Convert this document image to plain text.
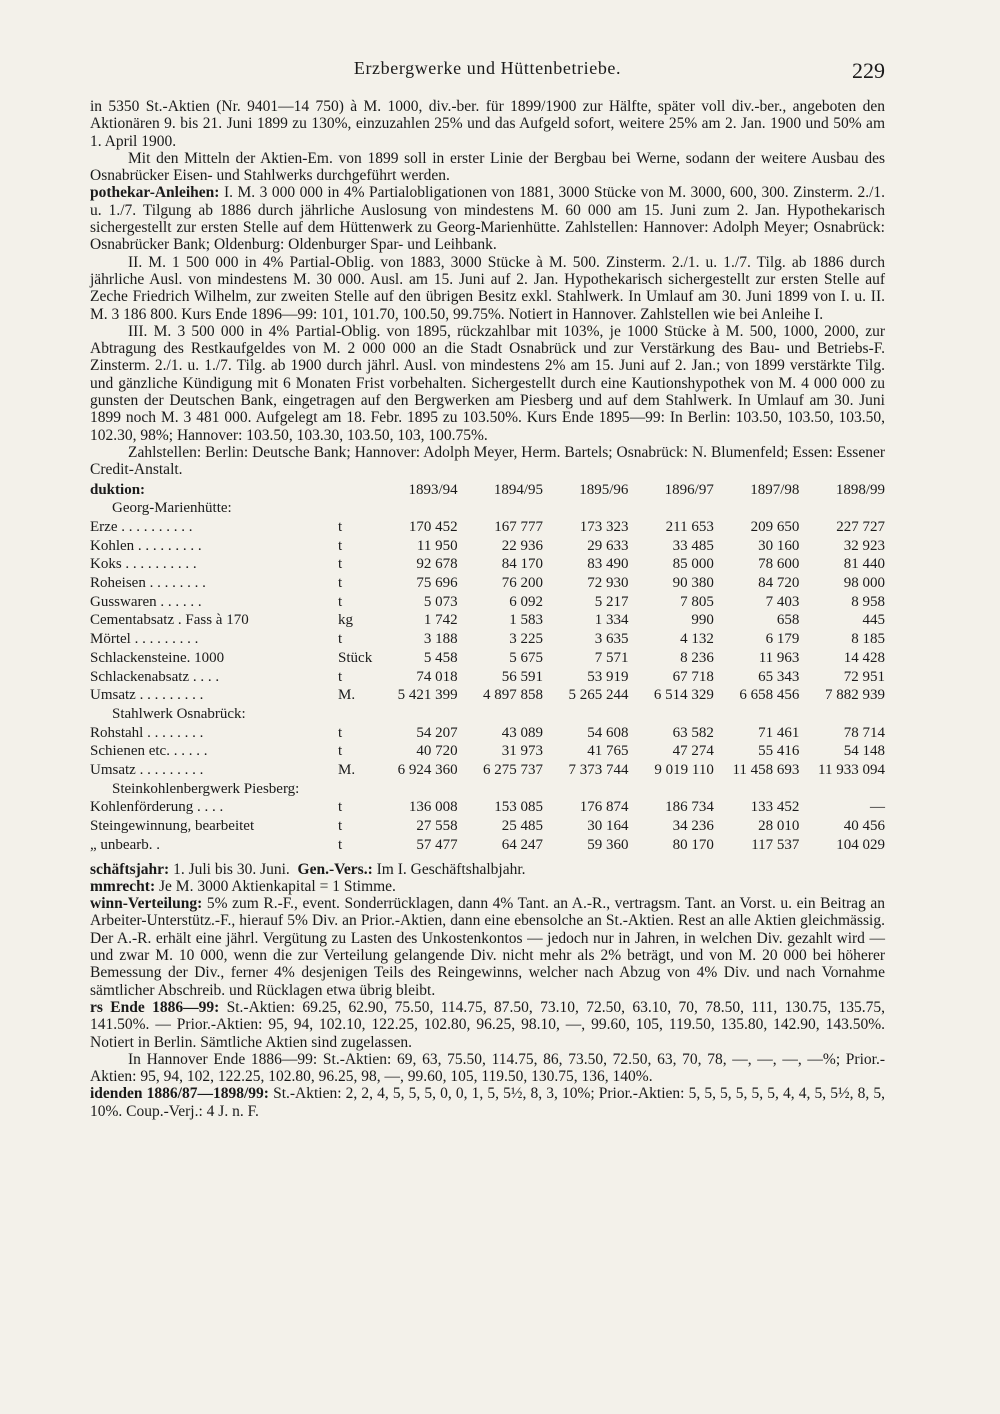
Erzbergwerke und Hüttenbetriebe.	229

in 5350 St.-Aktien (Nr. 9401—14 750) à M. 1000, div.-ber. für 1899/1900 zur Hälfte, später voll div.-ber., angeboten den Aktionären 9. bis 21. Juni 1899 zu 130%, einzuzahlen 25% und das Aufgeld sofort, weitere 25% am 2. Jan. 1900 und 50% am 1. April 1900.

Mit den Mitteln der Aktien-Em. von 1899 soll in erster Linie der Bergbau bei Werne, sodann der weitere Ausbau des Osnabrücker Eisen- und Stahlwerks durchgeführt werden.

pothekar-Anleihen: I. M. 3 000 000 in 4% Partialobligationen von 1881, 3000 Stücke von M. 3000, 600, 300. Zinsterm. 2./1. u. 1./7. Tilgung ab 1886 durch jährliche Auslosung von mindestens M. 60 000 am 15. Juni zum 2. Jan. Hypothekarisch sichergestellt zur ersten Stelle auf dem Hüttenwerk zu Georg-Marienhütte. Zahlstellen: Hannover: Adolph Meyer; Osnabrück: Osnabrücker Bank; Oldenburg: Oldenburger Spar- und Leihbank.

II. M. 1 500 000 in 4% Partial-Oblig. von 1883, 3000 Stücke à M. 500. Zinsterm. 2./1. u. 1./7. Tilg. ab 1886 durch jährliche Ausl. von mindestens M. 30 000. Ausl. am 15. Juni auf 2. Jan. Hypothekarisch sichergestellt zur ersten Stelle auf Zeche Friedrich Wilhelm, zur zweiten Stelle auf den übrigen Besitz exkl. Stahlwerk. In Umlauf am 30. Juni 1899 von I. u. II. M. 3 186 800. Kurs Ende 1896—99: 101, 101.70, 100.50, 99.75%. Notiert in Hannover. Zahlstellen wie bei Anleihe I.

III. M. 3 500 000 in 4% Partial-Oblig. von 1895, rückzahlbar mit 103%, je 1000 Stücke à M. 500, 1000, 2000, zur Abtragung des Restkaufgeldes von M. 2 000 000 an die Stadt Osnabrück und zur Verstärkung des Bau- und Betriebs-F. Zinsterm. 2./1. u. 1./7. Tilg. ab 1900 durch jährl. Ausl. von mindestens 2% am 15. Juni auf 2. Jan.; von 1899 verstärkte Tilg. und gänzliche Kündigung mit 6 Monaten Frist vorbehalten. Sichergestellt durch eine Kautionshypothek von M. 4 000 000 zu gunsten der Deutschen Bank, eingetragen auf den Bergwerken am Piesberg und auf dem Stahlwerk. In Umlauf am 30. Juni 1899 noch M. 3 481 000. Aufgelegt am 18. Febr. 1895 zu 103.50%. Kurs Ende 1895—99: In Berlin: 103.50, 103.50, 103.50, 102.30, 98%; Hannover: 103.50, 103.30, 103.50, 103, 100.75%.

Zahlstellen: Berlin: Deutsche Bank; Hannover: Adolph Meyer, Herm. Bartels; Osnabrück: N. Blumenfeld; Essen: Essener Credit-Anstalt.

duktion:		1893/94	1894/95	1895/96	1896/97	1897/98	1898/99
Georg-Marienhütte:							
Erze . . . . . . . . . .	t	170 452	167 777	173 323	211 653	209 650	227 727
Kohlen . . . . . . . . .	t	11 950	22 936	29 633	33 485	30 160	32 923
Koks . . . . . . . . . .	t	92 678	84 170	83 490	85 000	78 600	81 440
Roheisen . . . . . . . .	t	75 696	76 200	72 930	90 380	84 720	98 000
Gusswaren . . . . . .	t	5 073	6 092	5 217	7 805	7 403	8 958
Cementabsatz . Fass à 170	kg	1 742	1 583	1 334	990	658	445
Mörtel . . . . . . . . .	t	3 188	3 225	3 635	4 132	6 179	8 185
Schlackensteine. 1000	Stück	5 458	5 675	7 571	8 236	11 963	14 428
Schlackenabsatz . . . .	t	74 018	56 591	53 919	67 718	65 343	72 951
Umsatz . . . . . . . . .	M.	5 421 399	4 897 858	5 265 244	6 514 329	6 658 456	7 882 939
Stahlwerk Osnabrück:							
Rohstahl . . . . . . . .	t	54 207	43 089	54 608	63 582	71 461	78 714
Schienen etc. . . . . .	t	40 720	31 973	41 765	47 274	55 416	54 148
Umsatz . . . . . . . . .	M.	6 924 360	6 275 737	7 373 744	9 019 110	11 458 693	11 933 094
Steinkohlenbergwerk Piesberg:							
Kohlenförderung . . . .	t	136 008	153 085	176 874	186 734	133 452	—
Steingewinnung, bearbeitet	t	27 558	25 485	30 164	34 236	28 010	40 456
„ unbearb. .	t	57 477	64 247	59 360	80 170	117 537	104 029

schäftsjahr: 1. Juli bis 30. Juni. Gen.-Vers.: Im I. Geschäftshalbjahr.

mmrecht: Je M. 3000 Aktienkapital = 1 Stimme.

winn-Verteilung: 5% zum R.-F., event. Sonderrücklagen, dann 4% Tant. an A.-R., vertragsm. Tant. an Vorst. u. ein Beitrag an Arbeiter-Unterstütz.-F., hierauf 5% Div. an Prior.-Aktien, dann eine ebensolche an St.-Aktien. Rest an alle Aktien gleichmässig. Der A.-R. erhält eine jährl. Vergütung zu Lasten des Unkostenkontos — jedoch nur in Jahren, in welchen Div. gezahlt wird — und zwar M. 10 000, wenn die zur Verteilung gelangende Div. nicht mehr als 2% beträgt, und von M. 20 000 bei höherer Bemessung der Div., ferner 4% desjenigen Teils des Reingewinns, welcher nach Abzug von 4% Div. und nach Vornahme sämtlicher Abschreib. und Rücklagen etwa übrig bleibt.

rs Ende 1886—99: St.-Aktien: 69.25, 62.90, 75.50, 114.75, 87.50, 73.10, 72.50, 63.10, 70, 78.50, 111, 130.75, 135.75, 141.50%. — Prior.-Aktien: 95, 94, 102.10, 122.25, 102.80, 96.25, 98.10, —, 99.60, 105, 119.50, 135.80, 142.90, 143.50%. Notiert in Berlin. Sämtliche Aktien sind zugelassen.

In Hannover Ende 1886—99: St.-Aktien: 69, 63, 75.50, 114.75, 86, 73.50, 72.50, 63, 70, 78, —, —, —, —%; Prior.-Aktien: 95, 94, 102, 122.25, 102.80, 96.25, 98, —, 99.60, 105, 119.50, 130.75, 136, 140%.

idenden 1886/87—1898/99: St.-Aktien: 2, 2, 4, 5, 5, 5, 0, 0, 1, 5, 5½, 8, 3, 10%; Prior.-Aktien: 5, 5, 5, 5, 5, 5, 4, 4, 5, 5½, 8, 5, 10%. Coup.-Verj.: 4 J. n. F.
